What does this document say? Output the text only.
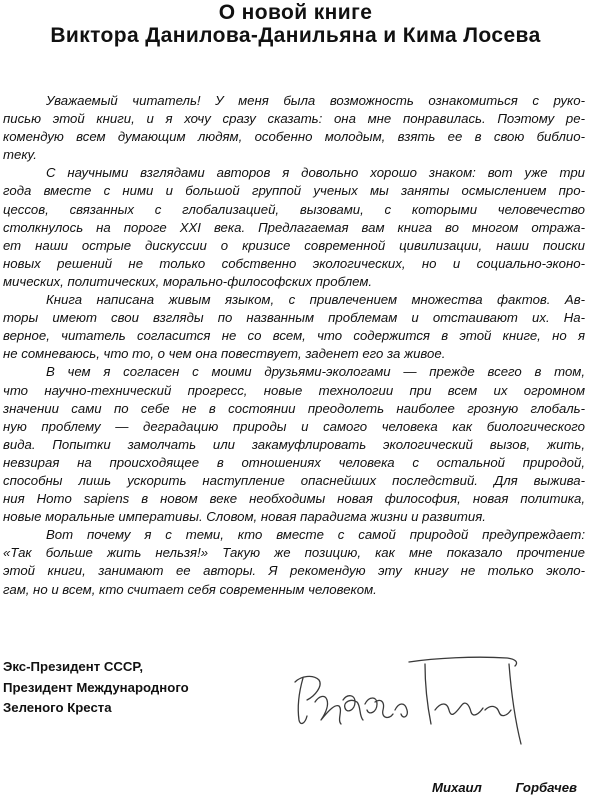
О новой книге
Виктора Данилова-Данильяна и Кима Лосева
Уважаемый читатель! У меня была возможность ознакомиться с руко-
писью этой книги, и я хочу сразу сказать: она мне понравилась. Поэтому ре-
комендую всем думающим людям, особенно молодым, взять ее в свою библио-
теку.
С научными взглядами авторов я довольно хорошо знаком: вот уже три
года вместе с ними и большой группой ученых мы заняты осмыслением про-
цессов, связанных с глобализацией, вызовами, с которыми человечество
столкнулось на пороге XXI века. Предлагаемая вам книга во многом отража-
ет наши острые дискуссии о кризисе современной цивилизации, наши поиски
новых решений не только собственно экологических, но и социально-эконо-
мических, политических, морально-философских проблем.
Книга написана живым языком, с привлечением множества фактов. Ав-
торы имеют свои взгляды по названным проблемам и отстаивают их. На-
верное, читатель согласится не со всем, что содержится в этой книге, но я
не сомневаюсь, что то, о чем она повествует, заденет его за живое.
В чем я согласен с моими друзьями-экологами — прежде всего в том,
что научно-технический прогресс, новые технологии при всем их огромном
значении сами по себе не в состоянии преодолеть наиболее грозную глобаль-
ную проблему — деградацию природы и самого человека как биологического
вида. Попытки замолчать или закамуфлировать экологический вызов, жить,
невзирая на происходящее в отношениях человека с остальной природой,
способны лишь ускорить наступление опаснейших последствий. Для выжива-
ния Homo sapiens в новом веке необходимы новая философия, новая политика,
новые моральные императивы. Словом, новая парадигма жизни и развития.
Вот почему я с теми, кто вместе с самой природой предупреждает:
«Так больше жить нельзя!» Такую же позицию, как мне показало прочтение
этой книги, занимают ее авторы. Я рекомендую эту книгу не только эколо-
гам, но и всем, кто считает себя современным человеком.
Экс-Президент СССР,
Президент Международного
Зеленого Креста
Михаил Горбачев
